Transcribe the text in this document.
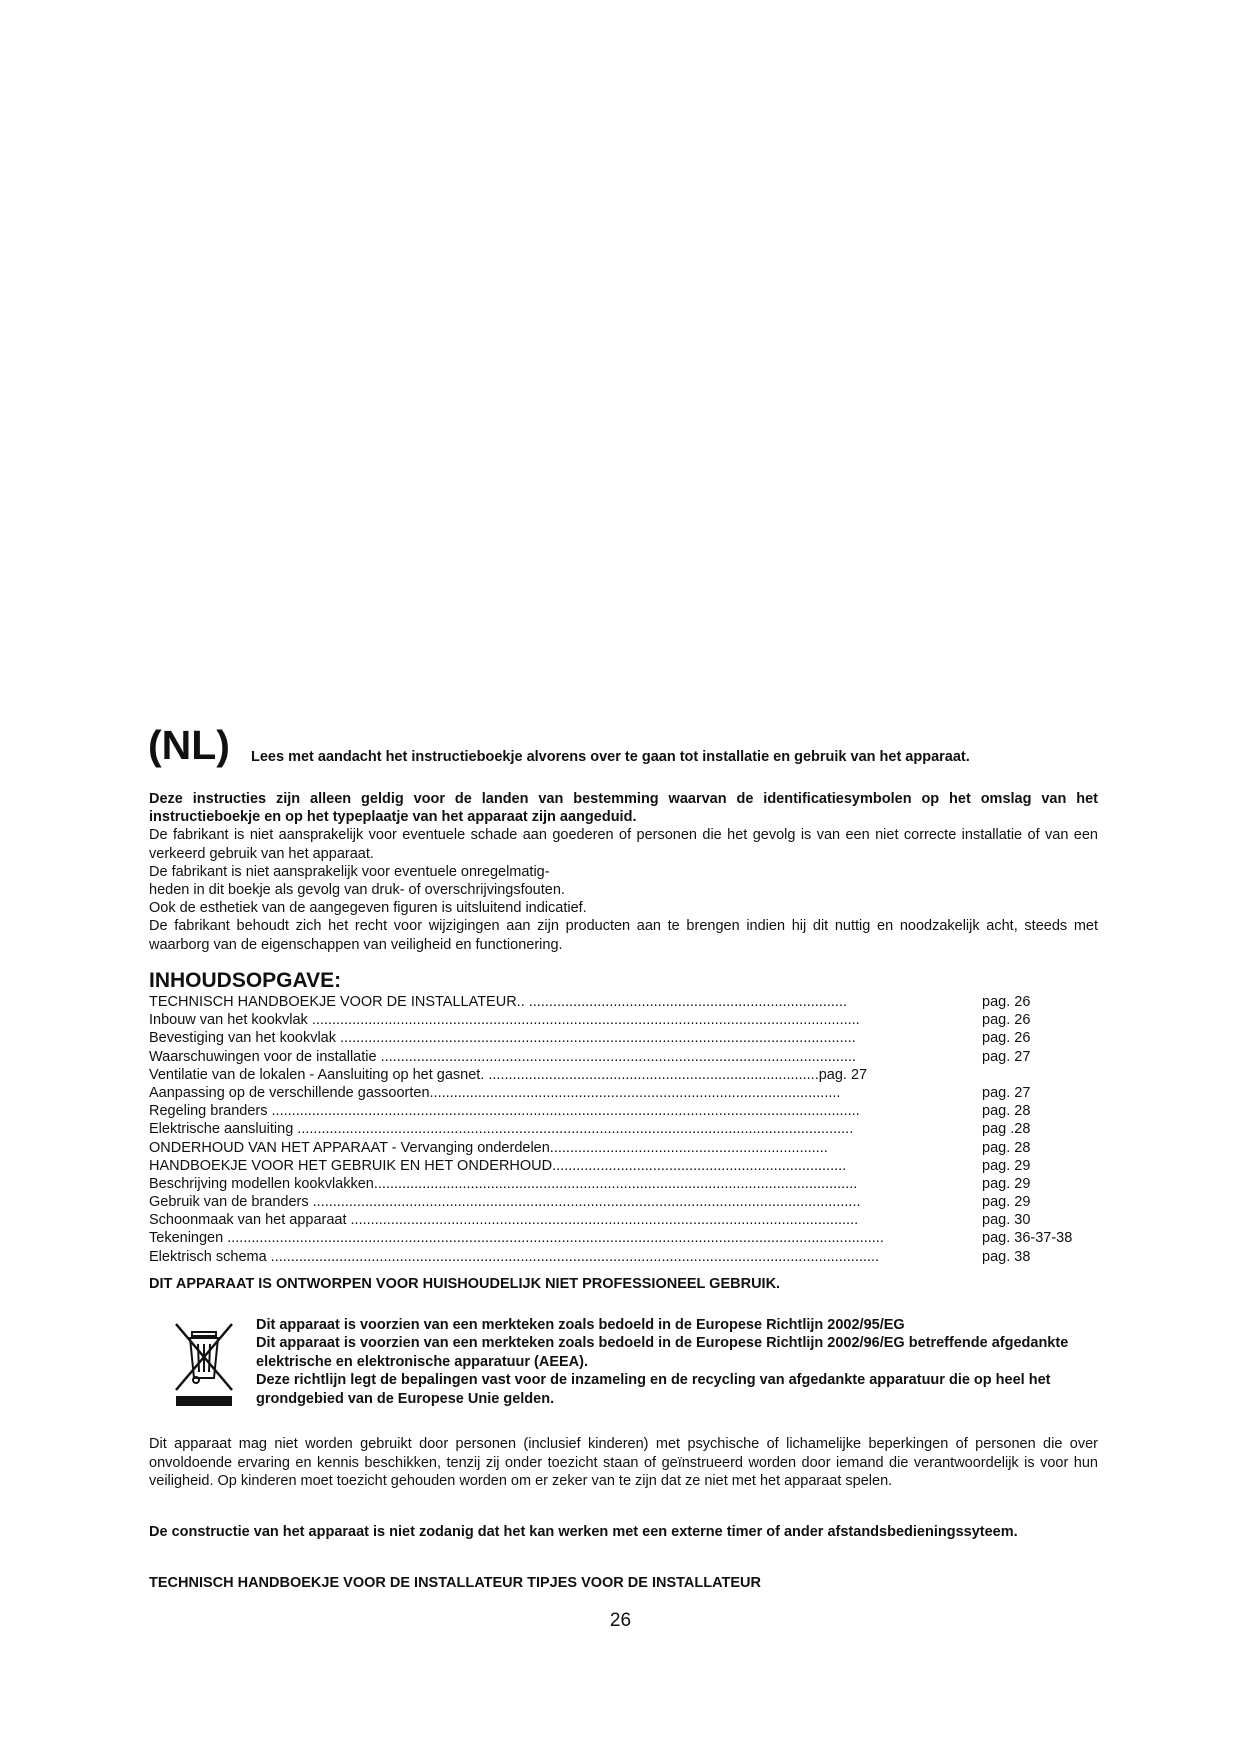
(NL) Lees met aandacht het instructieboekje alvorens over te gaan tot installatie en gebruik van het apparaat.

Deze instructies zijn alleen geldig voor de landen van bestemming waarvan de identificatiesymbolen op het omslag van het instructieboekje en op het typeplaatje van het apparaat zijn aangeduid.

De fabrikant is niet aansprakelijk voor eventuele schade aan goederen of personen die het gevolg is van een niet correcte installatie of van een verkeerd gebruik van het apparaat.

De fabrikant is niet aansprakelijk voor eventuele onregelmatig-

heden in dit boekje als gevolg van druk- of overschrijvingsfouten.

Ook de esthetiek van de aangegeven figuren is uitsluitend indicatief.

De fabrikant behoudt zich het recht voor wijzigingen aan zijn producten aan te brengen indien hij dit nuttig en noodzakelijk acht, steeds met waarborg van de eigenschappen van veiligheid en functionering.

INHOUDSOPGAVE:
TECHNISCH HANDBOEKJE VOOR DE INSTALLATEUR.. ...............................................................................	pag. 26
Inbouw van het kookvlak ........................................................................................................................................	pag. 26
Bevestiging van het kookvlak ................................................................................................................................	pag. 26
Waarschuwingen voor de installatie ......................................................................................................................	pag. 27
Ventilatie van de lokalen - Aansluiting op het gasnet. ..................................................................................pag. 27
Aanpassing op de verschillende gassoorten......................................................................................................	pag. 27
Regeling branders ..................................................................................................................................................	pag. 28
Elektrische aansluiting ..........................................................................................................................................	pag .28
ONDERHOUD VAN HET APPARAAT - Vervanging onderdelen.....................................................................	pag. 28
HANDBOEKJE VOOR HET GEBRUIK EN HET ONDERHOUD.........................................................................	pag. 29
Beschrijving modellen kookvlakken........................................................................................................................	pag. 29
Gebruik van de branders ........................................................................................................................................	pag. 29
Schoonmaak van het apparaat ..............................................................................................................................	pag. 30
Tekeningen ...................................................................................................................................................................	pag. 36-37-38
Elektrisch schema .......................................................................................................................................................	pag. 38
DIT APPARAAT IS ONTWORPEN VOOR HUISHOUDELIJK NIET PROFESSIONEEL GEBRUIK.

Dit apparaat is voorzien van een merkteken zoals bedoeld in de Europese Richtlijn 2002/95/EG

Dit apparaat is voorzien van een merkteken zoals bedoeld in de Europese Richtlijn 2002/96/EG betreffende afgedankte elektrische en elektronische apparatuur (AEEA).

Deze richtlijn legt de bepalingen vast voor de inzameling en de recycling van afgedankte apparatuur die op heel het grondgebied van de Europese Unie gelden.

Dit apparaat mag niet worden gebruikt door personen (inclusief kinderen) met psychische of lichamelijke beperkingen of personen die over onvoldoende ervaring en kennis beschikken, tenzij zij onder toezicht staan of geïnstrueerd worden door iemand die verantwoordelijk is voor hun veiligheid. Op kinderen moet toezicht gehouden worden om er zeker van te zijn dat ze niet met het apparaat spelen.
De constructie van het apparaat is niet zodanig dat het kan werken met een externe timer of ander afstandsbedieningssyteem.
TECHNISCH HANDBOEKJE VOOR DE INSTALLATEUR TIPJES VOOR DE INSTALLATEUR
26
